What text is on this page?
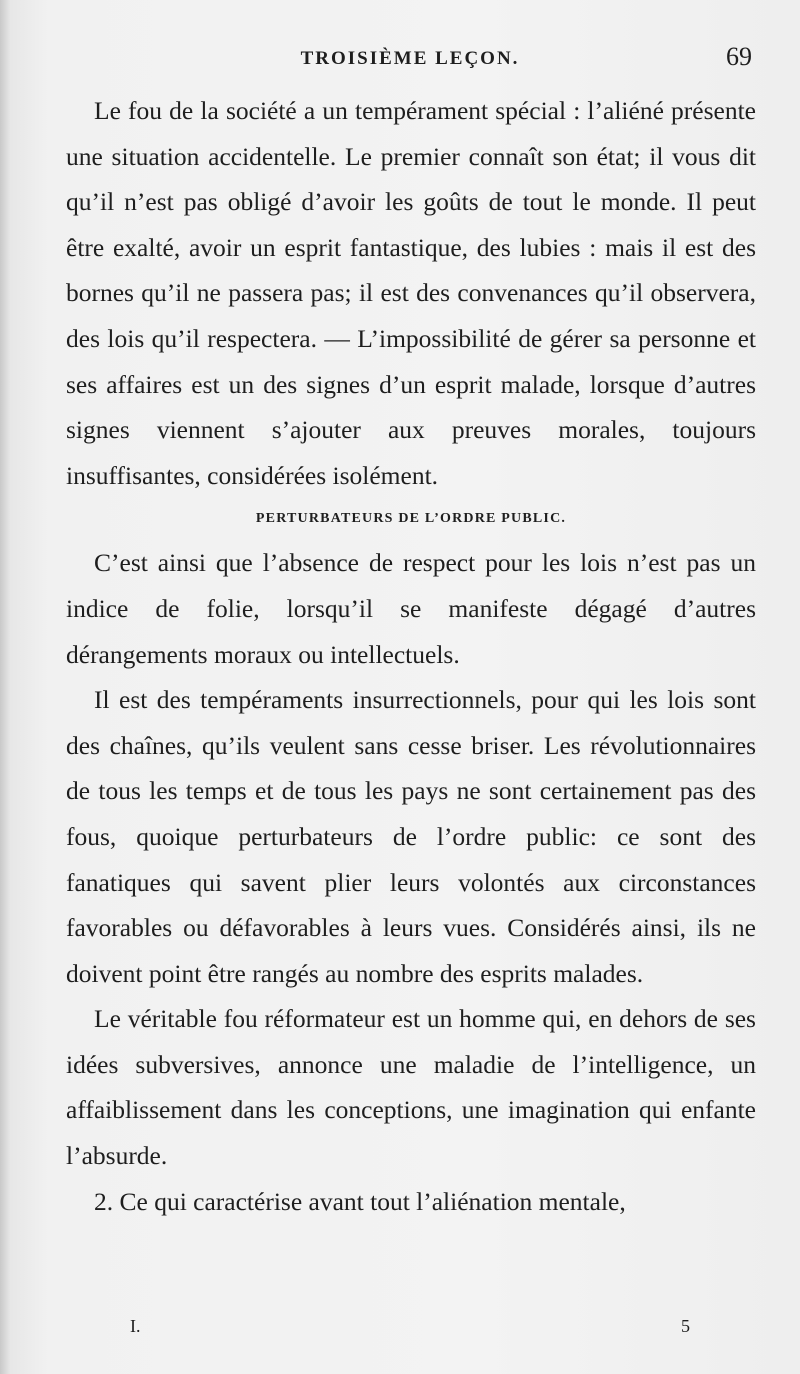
TROISIÈME LEÇON.	69

Le fou de la société a un tempérament spécial : l’aliéné présente une situation accidentelle. Le premier connaît son état; il vous dit qu’il n’est pas obligé d’avoir les goûts de tout le monde. Il peut être exalté, avoir un esprit fantastique, des lubies : mais il est des bornes qu’il ne passera pas; il est des convenances qu’il observera, des lois qu’il respectera. — L’impossibilité de gérer sa personne et ses affaires est un des signes d’un esprit malade, lorsque d’autres signes viennent s’ajouter aux preuves morales, toujours insuffisantes, considérées isolément.

PERTURBATEURS DE L’ORDRE PUBLIC.

C’est ainsi que l’absence de respect pour les lois n’est pas un indice de folie, lorsqu’il se manifeste dégagé d’autres dérangements moraux ou intellectuels.

Il est des tempéraments insurrectionnels, pour qui les lois sont des chaînes, qu’ils veulent sans cesse briser. Les révolutionnaires de tous les temps et de tous les pays ne sont certainement pas des fous, quoique perturbateurs de l’ordre public: ce sont des fanatiques qui savent plier leurs volontés aux circonstances favorables ou défavorables à leurs vues. Considérés ainsi, ils ne doivent point être rangés au nombre des esprits malades.

Le véritable fou réformateur est un homme qui, en dehors de ses idées subversives, annonce une maladie de l’intelligence, un affaiblissement dans les conceptions, une imagination qui enfante l’absurde.

2. Ce qui caractérise avant tout l’aliénation mentale,

I.	5
